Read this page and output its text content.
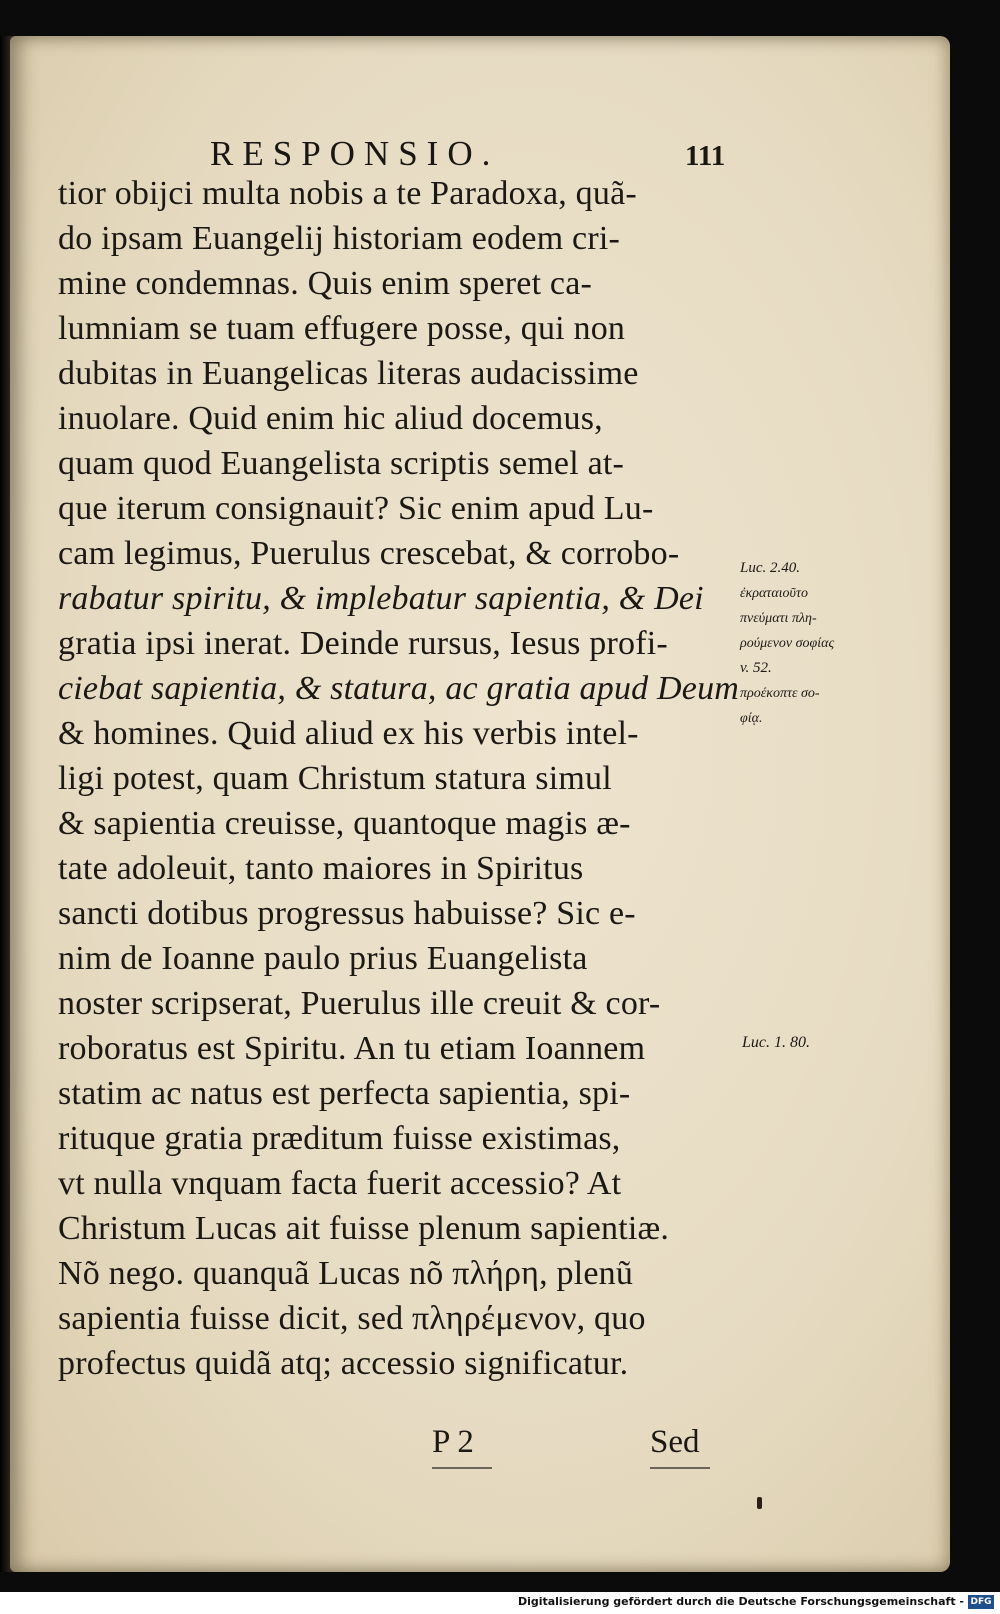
RESPONSIO.	111
tior obijci multa nobis a te Paradoxa, quã-
do ipsam Euangelij historiam eodem cri-
mine condemnas. Quis enim speret ca-
lumniam se tuam effugere posse, qui non
dubitas in Euangelicas literas audacissime
inuolare. Quid enim hic aliud docemus,
quam quod Euangelista scriptis semel at-
que iterum consignauit? Sic enim apud Lu-
cam legimus, Puerulus crescebat, & corrobo-
rabatur spiritu, & implebatur sapientia, & Dei
gratia ipsi inerat. Deinde rursus, Iesus profi-
ciebat sapientia, & statura, ac gratia apud Deum
& homines. Quid aliud ex his verbis intel-
ligi potest, quam Christum statura simul
& sapientia creuisse, quantoque magis æ-
tate adoleuit, tanto maiores in Spiritus
sancti dotibus progressus habuisse? Sic e-
nim de Ioanne paulo prius Euangelista
noster scripserat, Puerulus ille creuit & cor-
roboratus est Spiritu. An tu etiam Ioannem
statim ac natus est perfecta sapientia, spi-
rituque gratia præditum fuisse existimas,
vt nulla vnquam facta fuerit accessio? At
Christum Lucas ait fuisse plenum sapientiæ.
Nõ nego. quanquã Lucas nõ πλήρη, plenũ
sapientia fuisse dicit, sed πληρέμενον, quo
profectus quidã atq; accessio significatur.
Luc. 2.40.
ἐκραταιοῦτο
πνεύματι πλη-
ρούμενον σοφίας
v. 52.
προέκοπτε σο-
φίᾳ.
Luc. 1. 80.
P 2	Sed
Digitalisierung gefördert durch die Deutsche Forschungsgemeinschaft - DFG
